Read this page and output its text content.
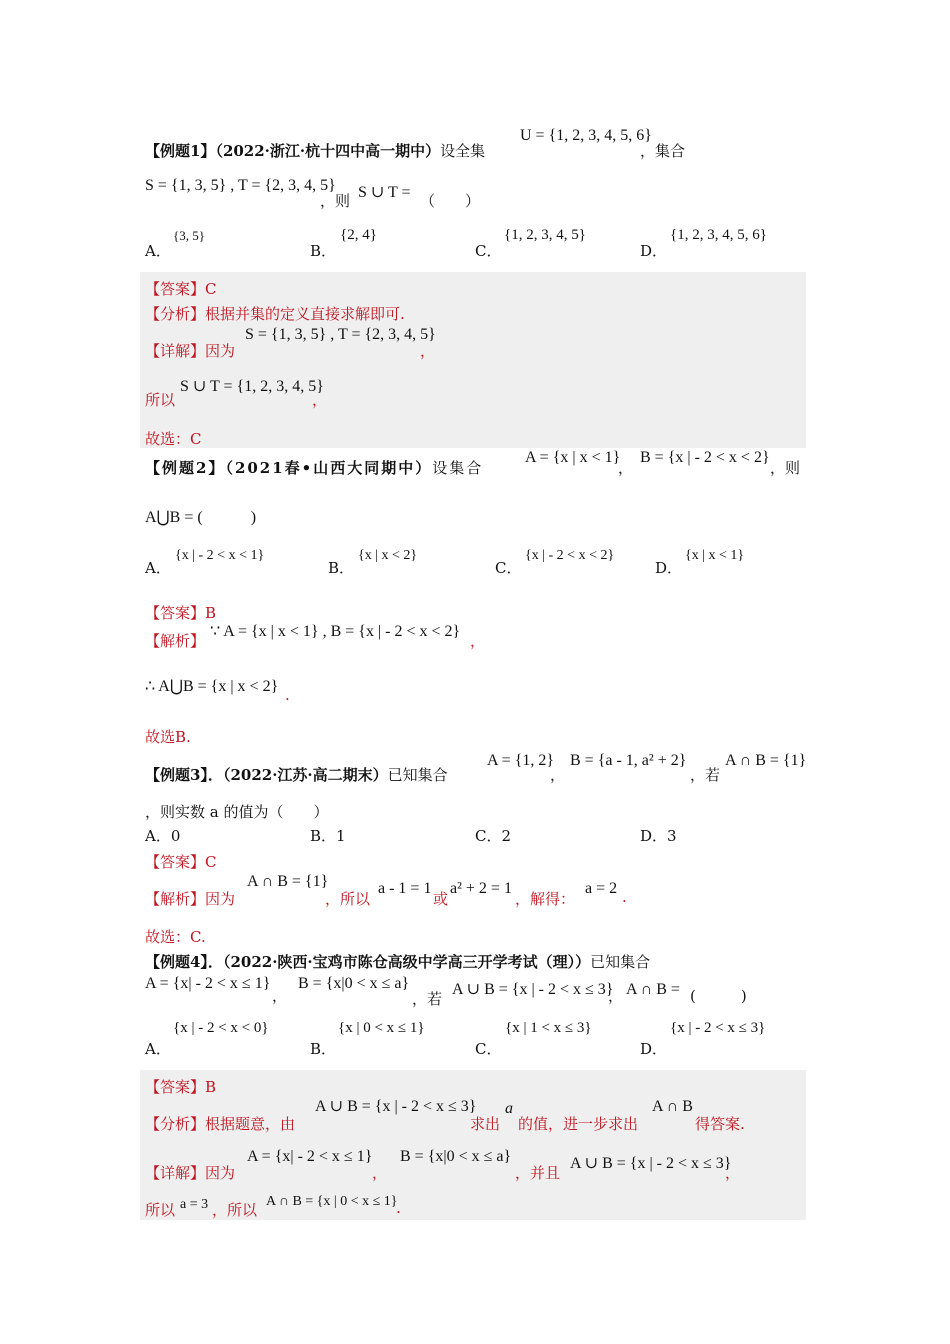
【例题1】（2022·浙江·杭十四中高一期中）设全集
U = {1, 2, 3, 4, 5, 6}
，集合
S = {1, 3, 5} , T = {2, 3, 4, 5}
，则 S ∪ T = （　　）
A．
{3, 5}
B．
{2, 4}
C．
{1, 2, 3, 4, 5}
D．
{1, 2, 3, 4, 5, 6}
【答案】C
【分析】根据并集的定义直接求解即可.
【详解】因为
S = {1, 3, 5} , T = {2, 3, 4, 5}
，
所以
S ∪ T = {1, 2, 3, 4, 5}
，
故选：C
【例题2】（2021春•山西大同期中）设集合
A = {x | x < 1}
，
B = {x | - 2 < x < 2}
，则
A⋃B = (　　　)
A．
{x | - 2 < x < 1}
B．
{x | x < 2}
C．
{x | - 2 < x < 2}
D．
{x | x < 1}
【答案】B
【解析】
∵ A = {x | x < 1} , B = {x | - 2 < x < 2}
，
∴ A⋃B = {x | x < 2} .
故选B.
【例题3】．（2022·江苏·高二期末）已知集合
A = {1, 2}
，
B = {a - 1, a² + 2}
，若
A ∩ B = {1}
，则实数 a 的值为（　　）
A．0	B．1	C．2	D．3
【答案】C
【解析】因为
A ∩ B = {1}
，所以
a - 1 = 1
或
a² + 2 = 1
，解得：
a = 2 .
故选：C.
【例题4】．（2022·陕西·宝鸡市陈仓高级中学高三开学考试（理））已知集合
A = {x| - 2 < x ≤ 1}
，
B = {x|0 < x ≤ a}
，若
A ∪ B = {x | - 2 < x ≤ 3}
， A ∩ B = (　　　)
A．
{x | - 2 < x < 0}
B．
{x | 0 < x ≤ 1}
C．
{x | 1 < x ≤ 3}
D．
{x | - 2 < x ≤ 3}
【答案】B
【分析】根据题意，由
A ∪ B = {x | - 2 < x ≤ 3}
求出
a
的值，进一步求出
A ∩ B
得答案.
【详解】因为
A = {x| - 2 < x ≤ 1}
，
B = {x|0 < x ≤ a}
，并且
A ∪ B = {x | - 2 < x ≤ 3}
，
所以 a = 3 ，所以 A ∩ B = {x | 0 < x ≤ 1}
.
